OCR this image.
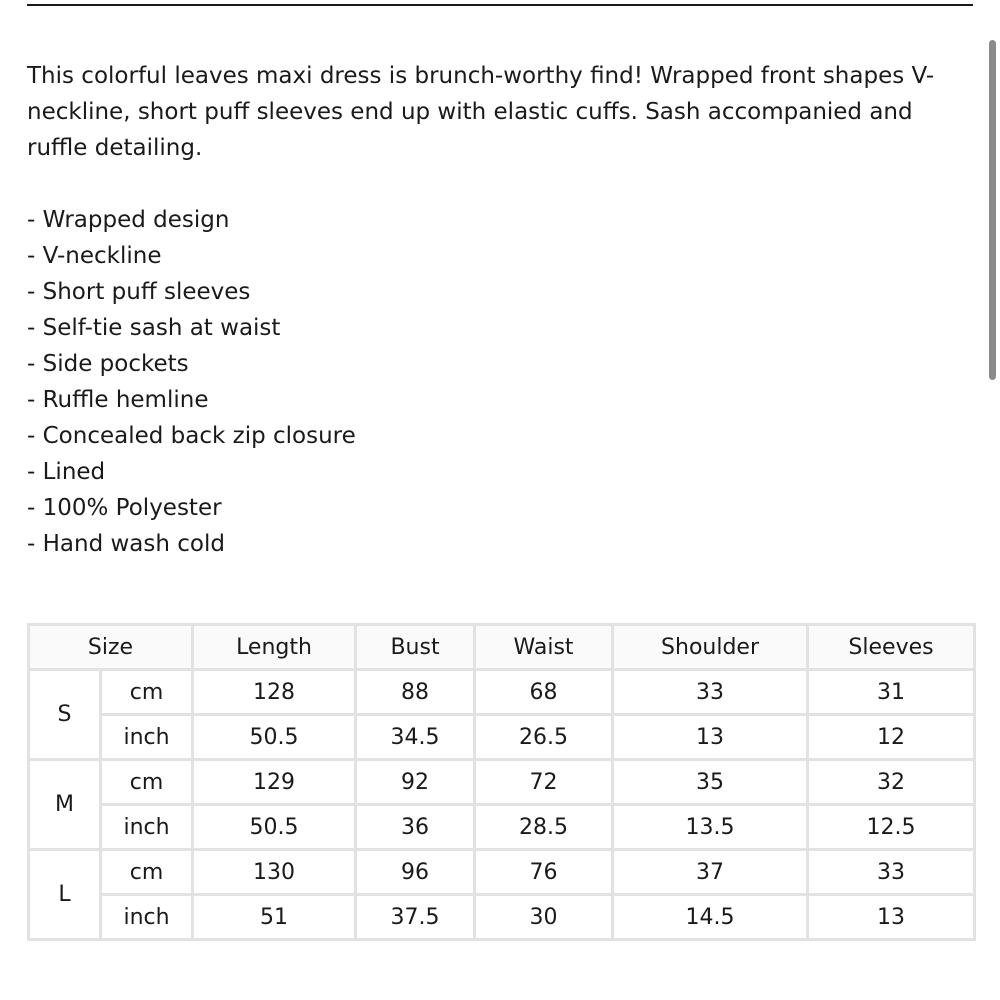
This colorful leaves maxi dress is brunch-worthy find! Wrapped front shapes V-neckline, short puff sleeves end up with elastic cuffs. Sash accompanied and ruffle detailing.

- Wrapped design
- V-neckline
- Short puff sleeves
- Self-tie sash at waist
- Side pockets
- Ruffle hemline
- Concealed back zip closure
- Lined
- 100% Polyester
- Hand wash cold
Size		Length	Bust	Waist	Shoulder	Sleeves
S	cm	128	88	68	33	31
	inch	50.5	34.5	26.5	13	12
M	cm	129	92	72	35	32
	inch	50.5	36	28.5	13.5	12.5
L	cm	130	96	76	37	33
	inch	51	37.5	30	14.5	13
